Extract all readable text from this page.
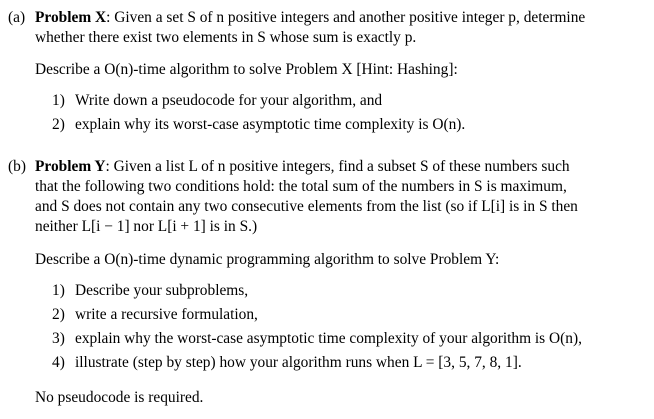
(a) Problem X: Given a set S of n positive integers and another positive integer p, determine
whether there exist two elements in S whose sum is exactly p.
Describe a O(n)-time algorithm to solve Problem X [Hint: Hashing]:
1) Write down a pseudocode for your algorithm, and
2) explain why its worst-case asymptotic time complexity is O(n).
(b) Problem Y: Given a list L of n positive integers, find a subset S of these numbers such
that the following two conditions hold: the total sum of the numbers in S is maximum,
and S does not contain any two consecutive elements from the list (so if L[i] is in S then
neither L[i − 1] nor L[i + 1] is in S.)
Describe a O(n)-time dynamic programming algorithm to solve Problem Y:
1) Describe your subproblems,
2) write a recursive formulation,
3) explain why the worst-case asymptotic time complexity of your algorithm is O(n),
4) illustrate (step by step) how your algorithm runs when L = [3, 5, 7, 8, 1].
No pseudocode is required.
